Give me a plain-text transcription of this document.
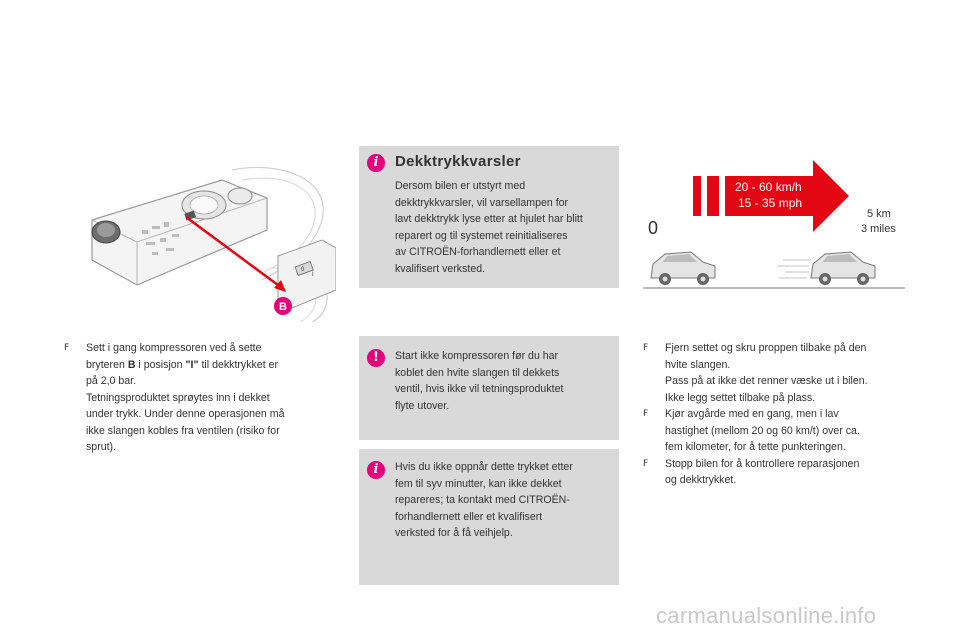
0
I
B
F Sett i gang kompressoren ved å sette
bryteren B i posisjon "I" til dekktrykket er
på 2,0 bar.
Tetningsproduktet sprøytes inn i dekket
under trykk. Under denne operasjonen må
ikke slangen kobles fra ventilen (risiko for
sprut).
i	Dekktrykkvarsler
Dersom bilen er utstyrt med
dekktrykkvarsler, vil varsellampen for
lavt dekktrykk lyse etter at hjulet har blitt
reparert og til systemet reinitialiseres
av CITROËN-forhandlernett eller et
kvalifisert verksted.
!	Start ikke kompressoren før du har
koblet den hvite slangen til dekkets
ventil, hvis ikke vil tetningsproduktet
flyte utover.
i	Hvis du ikke oppnår dette trykket etter
fem til syv minutter, kan ikke dekket
repareres; ta kontakt med CITROËN-
forhandlernett eller et kvalifisert
verksted for å få veihjelp.
20 - 60 km/h
15 - 35 mph
0
5 km
3 miles
F Fjern settet og skru proppen tilbake på den
hvite slangen.
Pass på at ikke det renner væske ut i bilen.
Ikke legg settet tilbake på plass.
F Kjør avgårde med en gang, men i lav
hastighet (mellom 20 og 60 km/t) over ca.
fem kilometer, for å tette punkteringen.
F Stopp bilen for å kontrollere reparasjonen
og dekktrykket.
carmanualsonline.info
